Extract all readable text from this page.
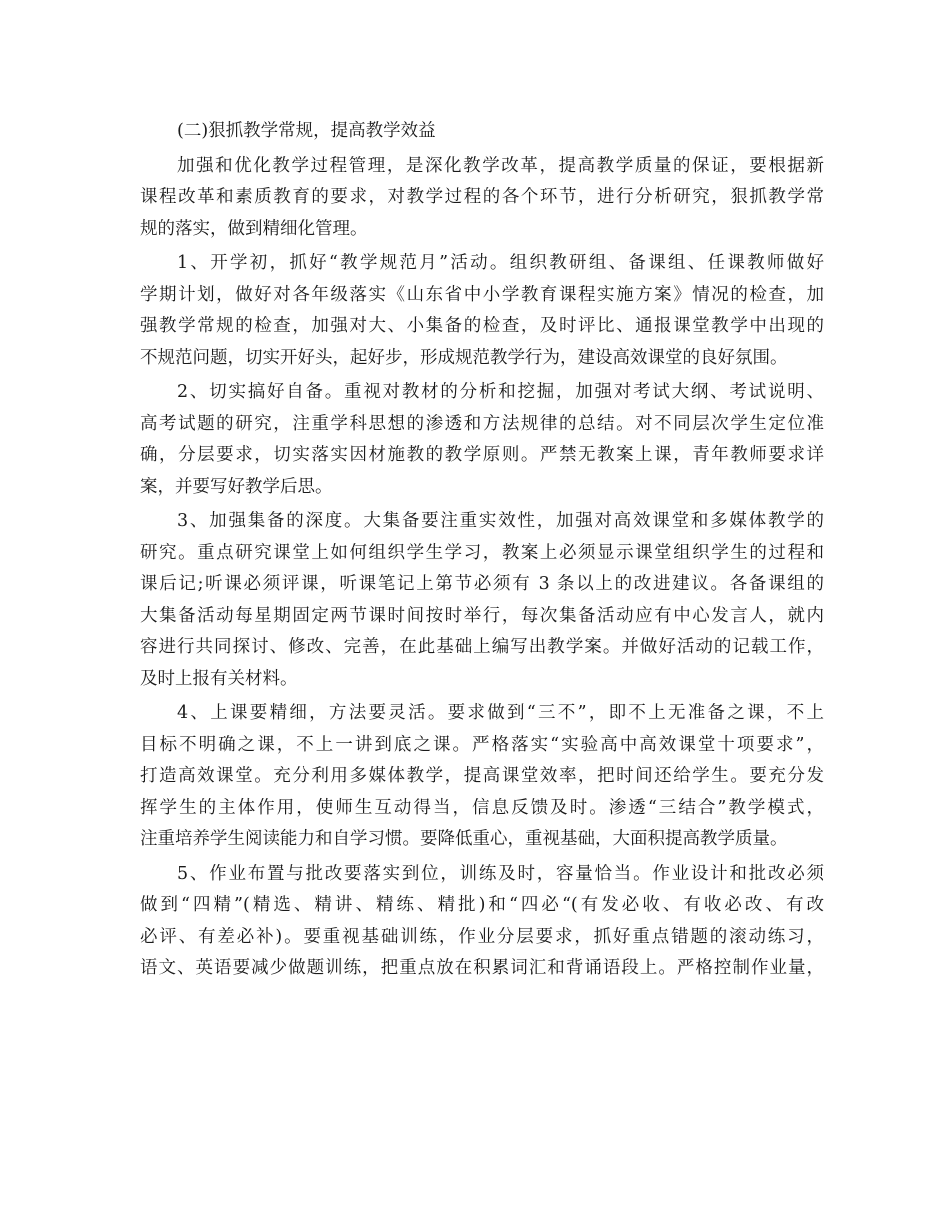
(二)狠抓教学常规，提高教学效益
加强和优化教学过程管理，是深化教学改革，提高教学质量的保证，要根据新
课程改革和素质教育的要求，对教学过程的各个环节，进行分析研究，狠抓教学常
规的落实，做到精细化管理。
1、开学初，抓好“教学规范月”活动。组织教研组、备课组、任课教师做好
学期计划，做好对各年级落实《山东省中小学教育课程实施方案》情况的检查，加
强教学常规的检查，加强对大、小集备的检查，及时评比、通报课堂教学中出现的
不规范问题，切实开好头，起好步，形成规范教学行为，建设高效课堂的良好氛围。
2、切实搞好自备。重视对教材的分析和挖掘，加强对考试大纲、考试说明、
高考试题的研究，注重学科思想的渗透和方法规律的总结。对不同层次学生定位准
确，分层要求，切实落实因材施教的教学原则。严禁无教案上课，青年教师要求详
案，并要写好教学后思。
3、加强集备的深度。大集备要注重实效性，加强对高效课堂和多媒体教学的
研究。重点研究课堂上如何组织学生学习，教案上必须显示课堂组织学生的过程和
课后记;听课必须评课，听课笔记上第节必须有 3 条以上的改进建议。各备课组的
大集备活动每星期固定两节课时间按时举行，每次集备活动应有中心发言人，就内
容进行共同探讨、修改、完善，在此基础上编写出教学案。并做好活动的记载工作，
及时上报有关材料。
4、上课要精细，方法要灵活。要求做到“三不”，即不上无准备之课，不上
目标不明确之课，不上一讲到底之课。严格落实“实验高中高效课堂十项要求”，
打造高效课堂。充分利用多媒体教学，提高课堂效率，把时间还给学生。要充分发
挥学生的主体作用，使师生互动得当，信息反馈及时。渗透“三结合”教学模式，
注重培养学生阅读能力和自学习惯。要降低重心，重视基础，大面积提高教学质量。
5、作业布置与批改要落实到位，训练及时，容量恰当。作业设计和批改必须
做到“四精”(精选、精讲、精练、精批)和“四必“(有发必收、有收必改、有改
必评、有差必补)。要重视基础训练，作业分层要求，抓好重点错题的滚动练习，
语文、英语要减少做题训练，把重点放在积累词汇和背诵语段上。严格控制作业量，
